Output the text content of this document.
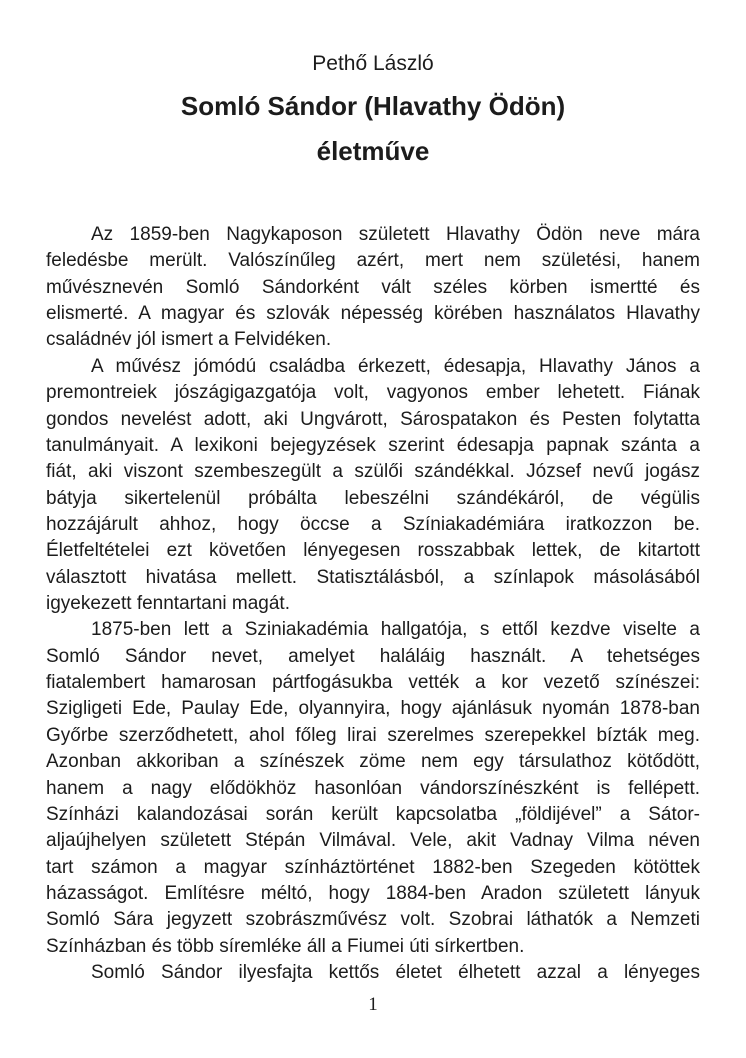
Pethő László
Somló Sándor (Hlavathy Ödön)
életműve
Az 1859-ben Nagykaposon született Hlavathy Ödön neve mára
feledésbe merült. Valószínűleg azért, mert nem születési, hanem
művésznevén Somló Sándorként vált széles körben ismertté és
elismerté. A magyar és szlovák népesség körében használatos Hlavathy
családnév jól ismert a Felvidéken.
A művész jómódú családba érkezett, édesapja, Hlavathy János a
premontreiek jószágigazgatója volt, vagyonos ember lehetett. Fiának
gondos nevelést adott, aki Ungvárott, Sárospatakon és Pesten folytatta
tanulmányait. A lexikoni bejegyzések szerint édesapja papnak szánta a
fiát, aki viszont szembeszegült a szülői szándékkal. József nevű jogász
bátyja sikertelenül próbálta lebeszélni szándékáról, de végülis
hozzájárult ahhoz, hogy öccse a Színiakadémiára iratkozzon be.
Életfeltételei ezt követően lényegesen rosszabbak lettek, de kitartott
választott hivatása mellett. Statisztálásból, a színlapok másolásából
igyekezett fenntartani magát.
1875-ben lett a Sziniakadémia hallgatója, s ettől kezdve viselte a
Somló Sándor nevet, amelyet haláláig használt. A tehetséges
fiatalembert hamarosan pártfogásukba vették a kor vezető színészei:
Szigligeti Ede, Paulay Ede, olyannyira, hogy ajánlásuk nyomán 1878-ban
Győrbe szerződhetett, ahol főleg lirai szerelmes szerepekkel bízták meg.
Azonban akkoriban a színészek zöme nem egy társulathoz kötődött,
hanem a nagy elődökhöz hasonlóan vándorszínészként is fellépett.
Színházi kalandozásai során került kapcsolatba „földijével” a Sátor-
aljaújhelyen született Stépán Vilmával. Vele, akit Vadnay Vilma néven
tart számon a magyar színháztörténet 1882-ben Szegeden kötöttek
házasságot. Említésre méltó, hogy 1884-ben Aradon született lányuk
Somló Sára jegyzett szobrászművész volt. Szobrai láthatók a Nemzeti
Színházban és több síremléke áll a Fiumei úti sírkertben.
Somló Sándor ilyesfajta kettős életet élhetett azzal a lényeges
1
